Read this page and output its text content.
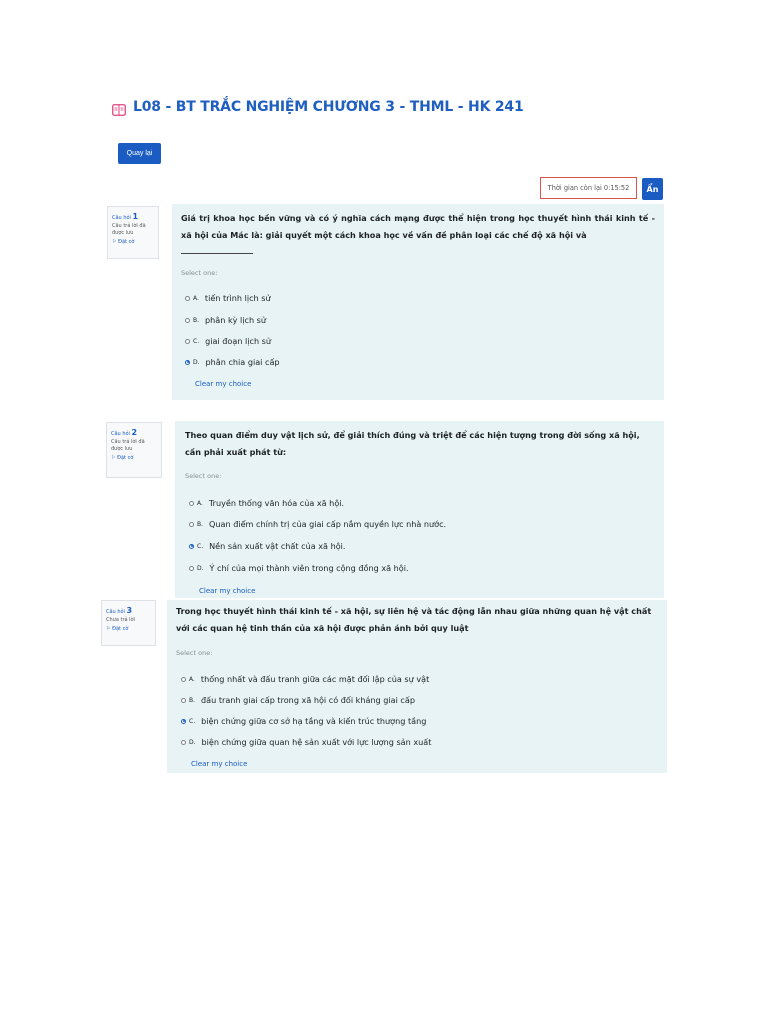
L08 - BT TRẮC NGHIỆM CHƯƠNG 3 - THML - HK 241
Quay lại
Thời gian còn lại 0:15:52	Ẩn
Câu hỏi 1
Câu trả lời đã được lưu
⚐ Đặt cờ
Giá trị khoa học bền vững và có ý nghĩa cách mạng được thể hiện trong học thuyết hình thái kinh tế - xã hội của Mác là: giải quyết một cách khoa học về vấn đề phân loại các chế độ xã hội và

Select one:
A. tiến trình lịch sử
B. phân kỳ lịch sử
C. giai đoạn lịch sử
D. phân chia giai cấp
Clear my choice
Câu hỏi 2
Câu trả lời đã được lưu
⚐ Đặt cờ
Theo quan điểm duy vật lịch sử, để giải thích đúng và triệt để các hiện tượng trong đời sống xã hội, cần phải xuất phát từ:
Select one:
A. Truyền thống văn hóa của xã hội.
B. Quan điểm chính trị của giai cấp nắm quyền lực nhà nước.
C. Nền sản xuất vật chất của xã hội.
D. Ý chí của mọi thành viên trong cộng đồng xã hội.
Clear my choice
Câu hỏi 3
Chưa trả lời
⚐ Đặt cờ
Trong học thuyết hình thái kinh tế - xã hội, sự liên hệ và tác động lẫn nhau giữa những quan hệ vật chất với các quan hệ tinh thần của xã hội được phản ánh bởi quy luật
Select one:
A. thống nhất và đấu tranh giữa các mặt đối lập của sự vật
B. đấu tranh giai cấp trong xã hội có đối kháng giai cấp
C. biện chứng giữa cơ sở hạ tầng và kiến trúc thượng tầng
D. biện chứng giữa quan hệ sản xuất với lực lượng sản xuất
Clear my choice
